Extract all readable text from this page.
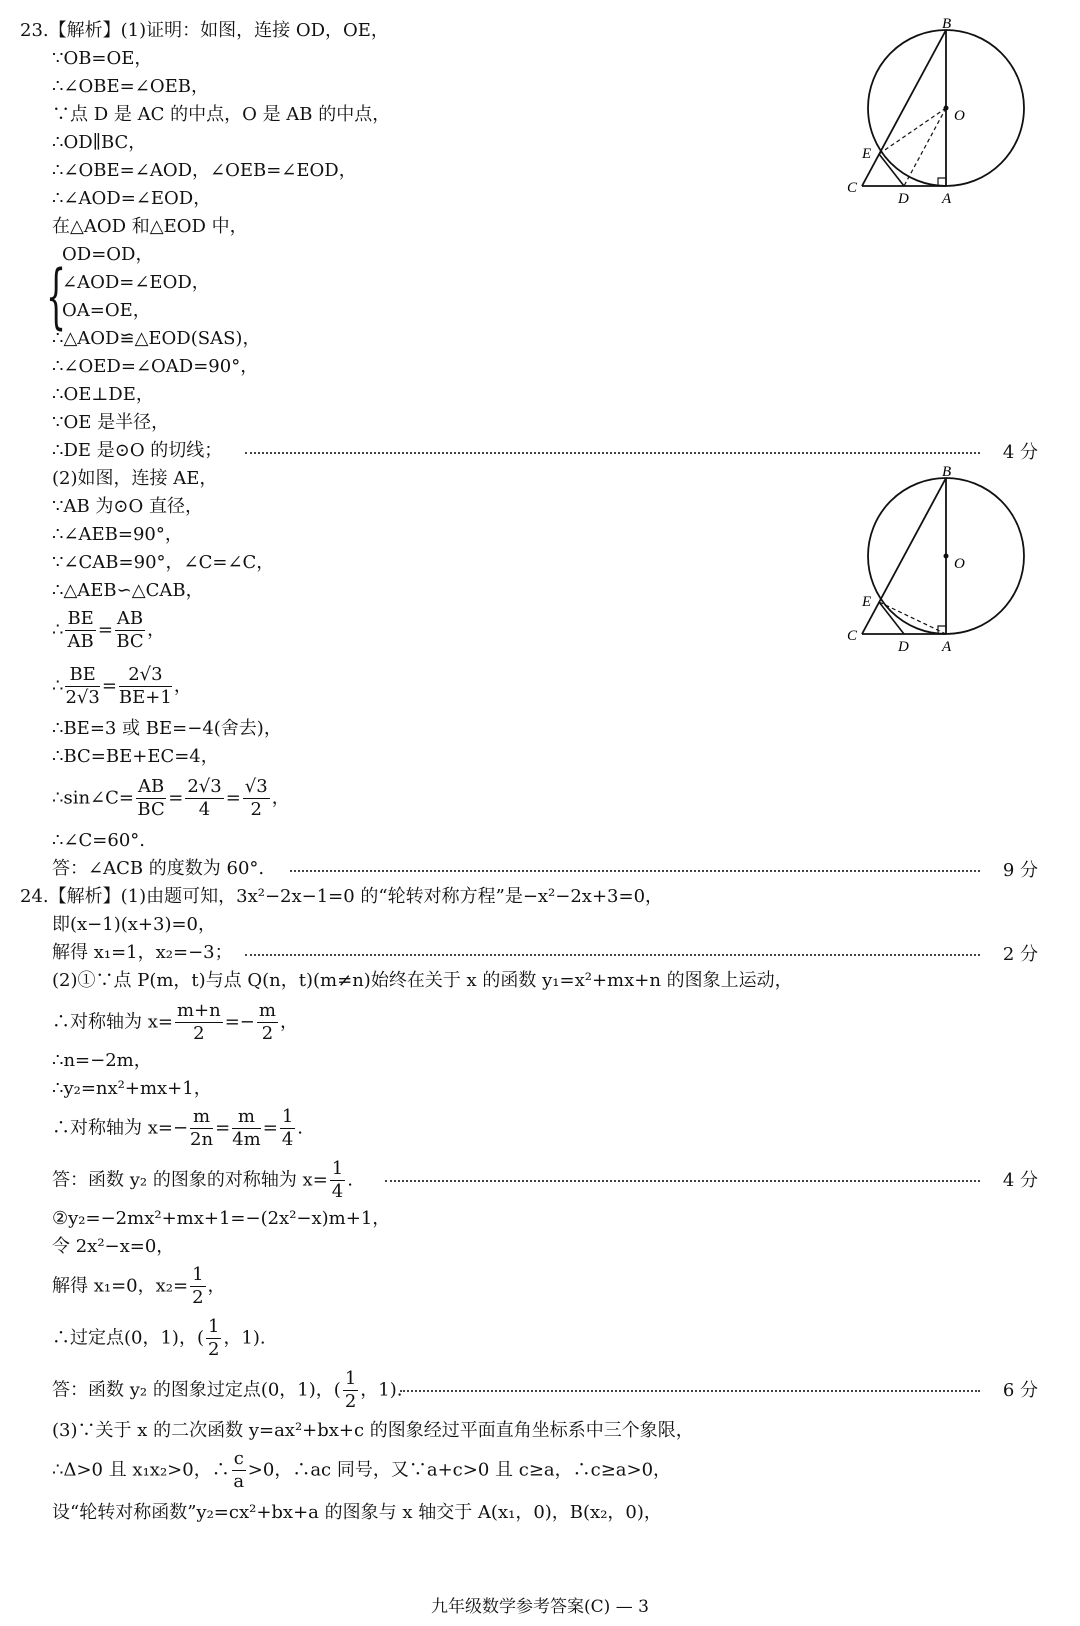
23.【解析】(1)证明：如图，连接 OD，OE，
∵OB=OE，
∴∠OBE=∠OEB，
∵点 D 是 AC 的中点，O 是 AB 的中点，
∴OD∥BC，
∴∠OBE=∠AOD，∠OEB=∠EOD，
∴∠AOD=∠EOD，
在△AOD 和△EOD 中，
{
OD=OD，
∠AOD=∠EOD，
OA=OE，
∴△AOD≌△EOD(SAS)，
∴∠OED=∠OAD=90°，
∴OE⊥DE，
∵OE 是半径，
∴DE 是⊙O 的切线；	4 分
(2)如图，连接 AE，
∵AB 为⊙O 直径，
∴∠AEB=90°，
∵∠CAB=90°，∠C=∠C，
∴△AEB∽△CAB，
∴ $\frac{BE}{AB} = \frac{AB}{BC}$ ，
∴ $\frac{BE}{2√3} = \frac{2√3}{BE+1}$ ，
∴BE=3 或 BE=−4(舍去)，
∴BC=BE+EC=4，
∴sin∠C= $\frac{AB}{BC} = \frac{2√3}{4} = \frac{√3}{2}$ ，
∴∠C=60°.
答：∠ACB 的度数为 60°.	9 分
24.【解析】(1)由题可知，3x²−2x−1=0 的“轮转对称方程”是−x²−2x+3=0，
即(x−1)(x+3)=0，
解得 x₁=1，x₂=−3；	2 分
(2)①∵点 P(m，t)与点 Q(n，t)(m≠n)始终在关于 x 的函数 y₁=x²+mx+n 的图象上运动，
∴对称轴为 $x= \frac{m+n}{2} =- \frac{m}{2}$ ，
∴n=−2m，
∴y₂=nx²+mx+1，
∴对称轴为 $x=- \frac{m}{2n} = \frac{m}{4m} = \frac{1}{4}$ .
答：函数 y₂ 的图象的对称轴为 $x= \frac{1}{4}$ .	4 分
②y₂=−2mx²+mx+1=−(2x²−x)m+1，
令 2x²−x=0，
解得 x₁=0，$x_2= \frac{1}{2}$ ，
∴过定点(0，1)，( $\frac{1}{2}$ ，1).
答：函数 y₂ 的图象过定点(0，1)，( $\frac{1}{2}$ ，1).	6 分
(3)∵关于 x 的二次函数 y=ax²+bx+c 的图象经过平面直角坐标系中三个象限，
∴Δ>0 且 x₁x₂>0，∴ $\frac{c}{a} >0$，∴ac 同号，又∵a+c>0 且 c≥a，∴c≥a>0，
设“轮转对称函数”y₂=cx²+bx+a 的图象与 x 轴交于 A(x₁，0)，B(x₂，0)，
B
O
E
C
D A
B
O
E
C
D A
九年级数学参考答案(C) — 3
